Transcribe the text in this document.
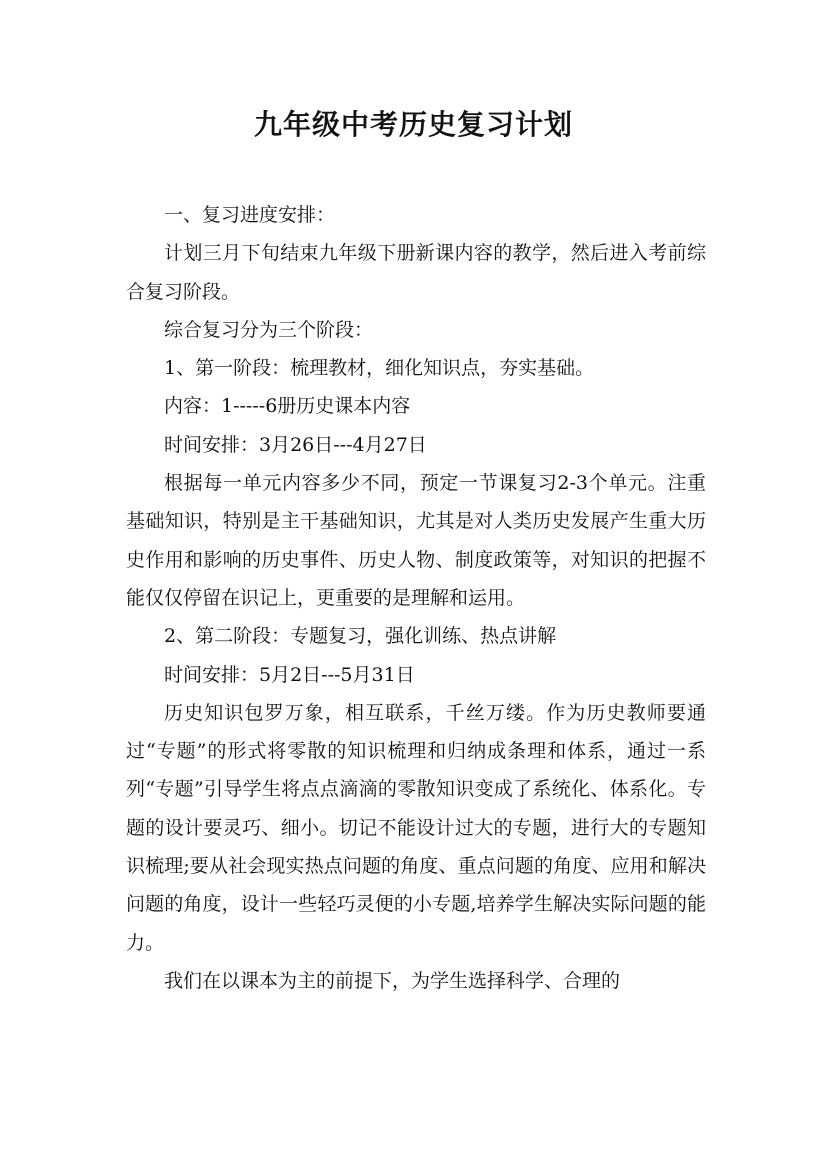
九年级中考历史复习计划

一、复习进度安排：

计划三月下旬结束九年级下册新课内容的教学，然后进入考前综合复习阶段。

综合复习分为三个阶段：

1、第一阶段：梳理教材，细化知识点，夯实基础。

内容：1-----6册历史课本内容

时间安排：3月26日---4月27日

根据每一单元内容多少不同，预定一节课复习2-3个单元。注重基础知识，特别是主干基础知识，尤其是对人类历史发展产生重大历史作用和影响的历史事件、历史人物、制度政策等，对知识的把握不能仅仅停留在识记上，更重要的是理解和运用。

2、第二阶段：专题复习，强化训练、热点讲解

时间安排：5月2日---5月31日

历史知识包罗万象，相互联系，千丝万缕。作为历史教师要通过“专题”的形式将零散的知识梳理和归纳成条理和体系，通过一系列“专题”引导学生将点点滴滴的零散知识变成了系统化、体系化。专题的设计要灵巧、细小。切记不能设计过大的专题，进行大的专题知识梳理;要从社会现实热点问题的角度、重点问题的角度、应用和解决问题的角度，设计一些轻巧灵便的小专题,培养学生解决实际问题的能力。

我们在以课本为主的前提下，为学生选择科学、合理的
